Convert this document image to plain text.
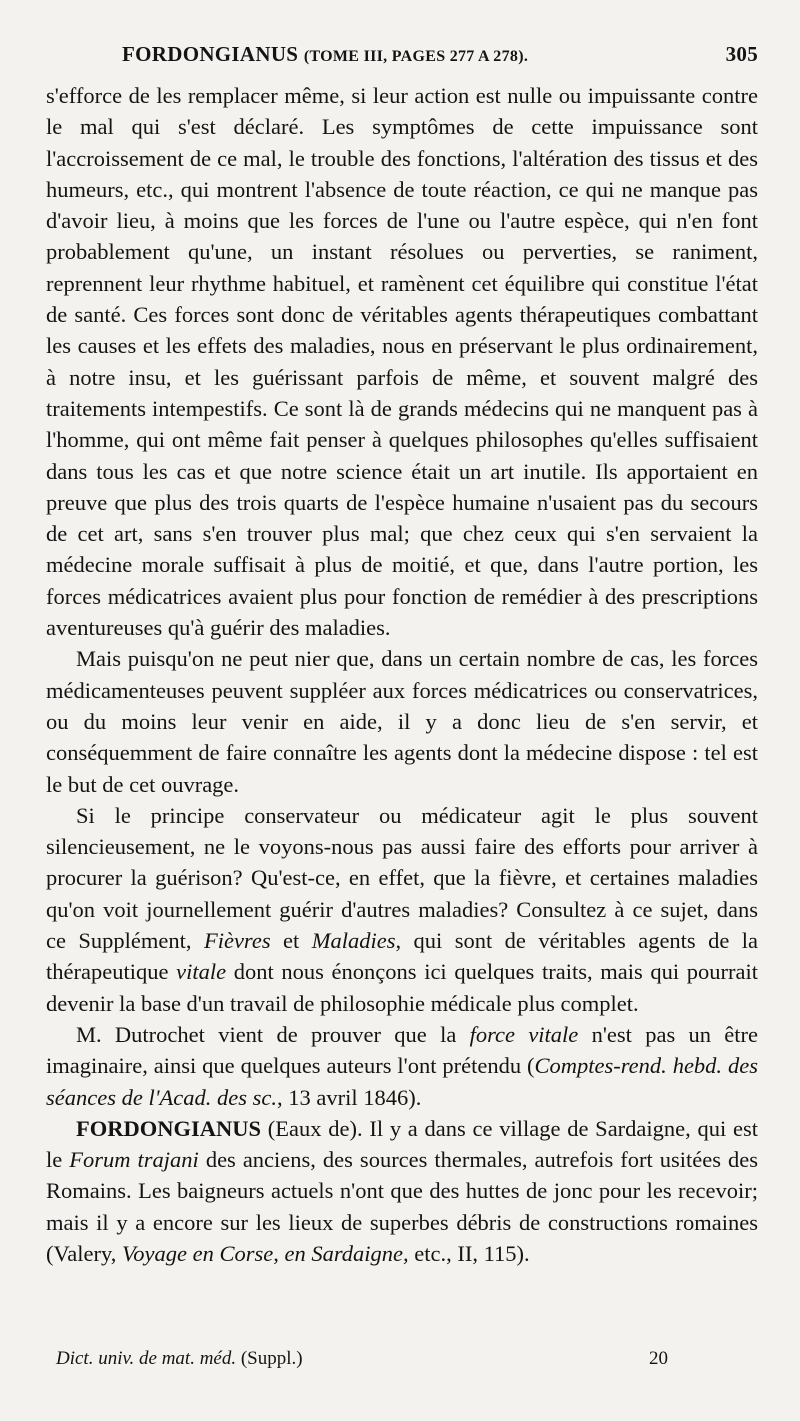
FORDONGIANUS (TOME III, PAGES 277 A 278).	305

s'efforce de les remplacer même, si leur action est nulle ou impuissante contre le mal qui s'est déclaré. Les symptômes de cette impuissance sont l'accroissement de ce mal, le trouble des fonctions, l'altération des tissus et des humeurs, etc., qui montrent l'absence de toute réaction, ce qui ne manque pas d'avoir lieu, à moins que les forces de l'une ou l'autre espèce, qui n'en font probablement qu'une, un instant résolues ou perverties, se raniment, reprennent leur rhythme habituel, et ramènent cet équilibre qui constitue l'état de santé. Ces forces sont donc de véritables agents thérapeutiques combattant les causes et les effets des maladies, nous en préservant le plus ordinairement, à notre insu, et les guérissant parfois de même, et souvent malgré des traitements intempestifs. Ce sont là de grands médecins qui ne manquent pas à l'homme, qui ont même fait penser à quelques philosophes qu'elles suffisaient dans tous les cas et que notre science était un art inutile. Ils apportaient en preuve que plus des trois quarts de l'espèce humaine n'usaient pas du secours de cet art, sans s'en trouver plus mal; que chez ceux qui s'en servaient la médecine morale suffisait à plus de moitié, et que, dans l'autre portion, les forces médicatrices avaient plus pour fonction de remédier à des prescriptions aventureuses qu'à guérir des maladies.

Mais puisqu'on ne peut nier que, dans un certain nombre de cas, les forces médicamenteuses peuvent suppléer aux forces médicatrices ou conservatrices, ou du moins leur venir en aide, il y a donc lieu de s'en servir, et conséquemment de faire connaître les agents dont la médecine dispose : tel est le but de cet ouvrage.

Si le principe conservateur ou médicateur agit le plus souvent silencieusement, ne le voyons-nous pas aussi faire des efforts pour arriver à procurer la guérison? Qu'est-ce, en effet, que la fièvre, et certaines maladies qu'on voit journellement guérir d'autres maladies? Consultez à ce sujet, dans ce Supplément, Fièvres et Maladies, qui sont de véritables agents de la thérapeutique vitale dont nous énonçons ici quelques traits, mais qui pourrait devenir la base d'un travail de philosophie médicale plus complet.

M. Dutrochet vient de prouver que la force vitale n'est pas un être imaginaire, ainsi que quelques auteurs l'ont prétendu (Comptes-rend. hebd. des séances de l'Acad. des sc., 13 avril 1846).

FORDONGIANUS (Eaux de). Il y a dans ce village de Sardaigne, qui est le Forum trajani des anciens, des sources thermales, autrefois fort usitées des Romains. Les baigneurs actuels n'ont que des huttes de jonc pour les recevoir; mais il y a encore sur les lieux de superbes débris de constructions romaines (Valery, Voyage en Corse, en Sardaigne, etc., II, 115).

Dict. univ. de mat. méd. (Suppl.)	20
